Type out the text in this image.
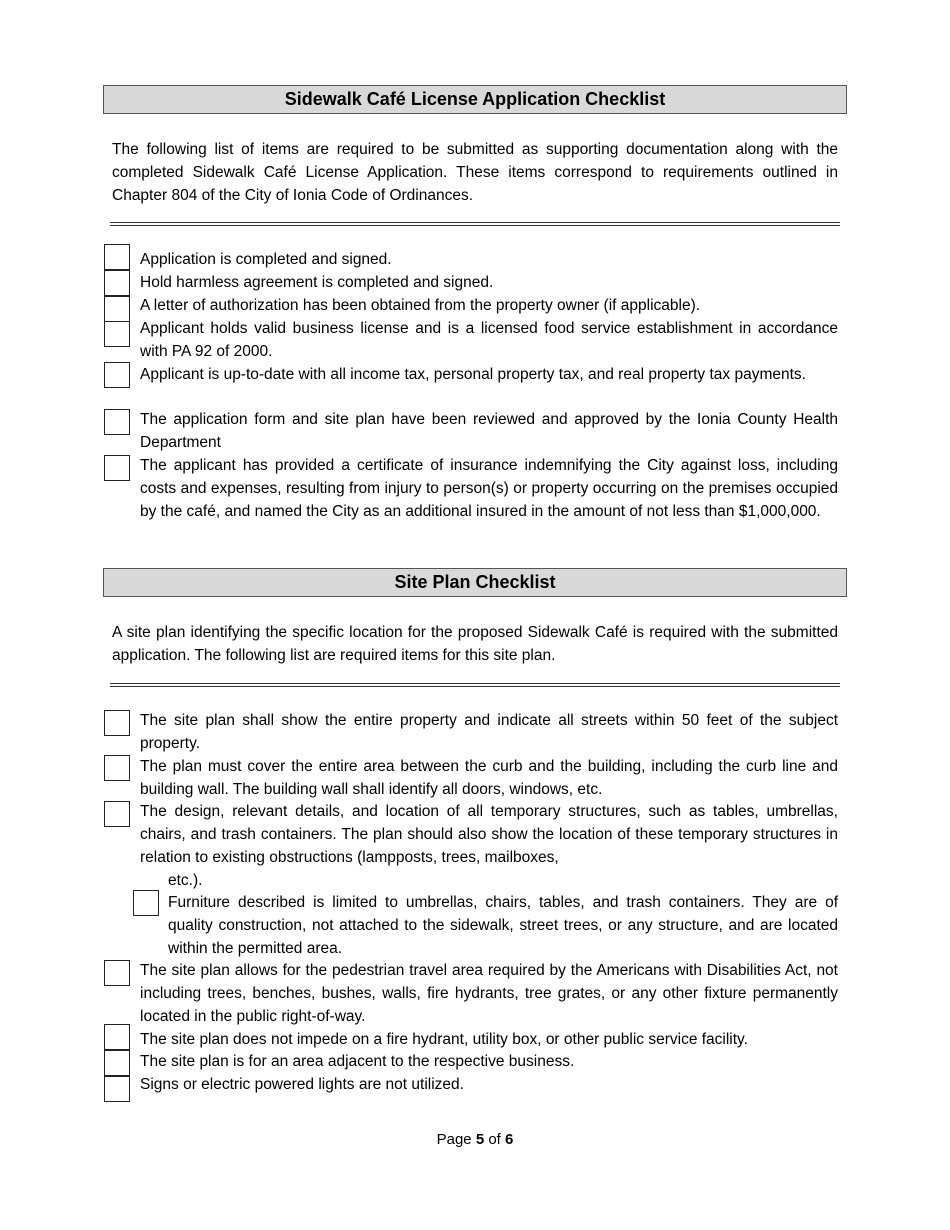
Sidewalk Café License Application Checklist

The following list of items are required to be submitted as supporting documentation along with the completed Sidewalk Café License Application. These items correspond to requirements outlined in Chapter 804 of the City of Ionia Code of Ordinances.

Application is completed and signed.

Hold harmless agreement is completed and signed.

A letter of authorization has been obtained from the property owner (if applicable).

Applicant holds valid business license and is a licensed food service establishment in accordance with PA 92 of 2000.

Applicant is up-to-date with all income tax, personal property tax, and real property tax payments.

The application form and site plan have been reviewed and approved by the Ionia County Health Department

The applicant has provided a certificate of insurance indemnifying the City against loss, including costs and expenses, resulting from injury to person(s) or property occurring on the premises occupied by the café, and named the City as an additional insured in the amount of not less than $1,000,000.

Site Plan Checklist

A site plan identifying the specific location for the proposed Sidewalk Café is required with the submitted application. The following list are required items for this site plan.

The site plan shall show the entire property and indicate all streets within 50 feet of the subject property.

The plan must cover the entire area between the curb and the building, including the curb line and building wall. The building wall shall identify all doors, windows, etc.

The design, relevant details, and location of all temporary structures, such as tables, umbrellas, chairs, and trash containers. The plan should also show the location of these temporary structures in relation to existing obstructions (lampposts, trees, mailboxes,
etc.).

Furniture described is limited to umbrellas, chairs, tables, and trash containers. They are of quality construction, not attached to the sidewalk, street trees, or any structure, and are located within the permitted area.

The site plan allows for the pedestrian travel area required by the Americans with Disabilities Act, not including trees, benches, bushes, walls, fire hydrants, tree grates, or any other fixture permanently located in the public right-of-way.

The site plan does not impede on a fire hydrant, utility box, or other public service facility.

The site plan is for an area adjacent to the respective business.

Signs or electric powered lights are not utilized.

Page 5 of 6
